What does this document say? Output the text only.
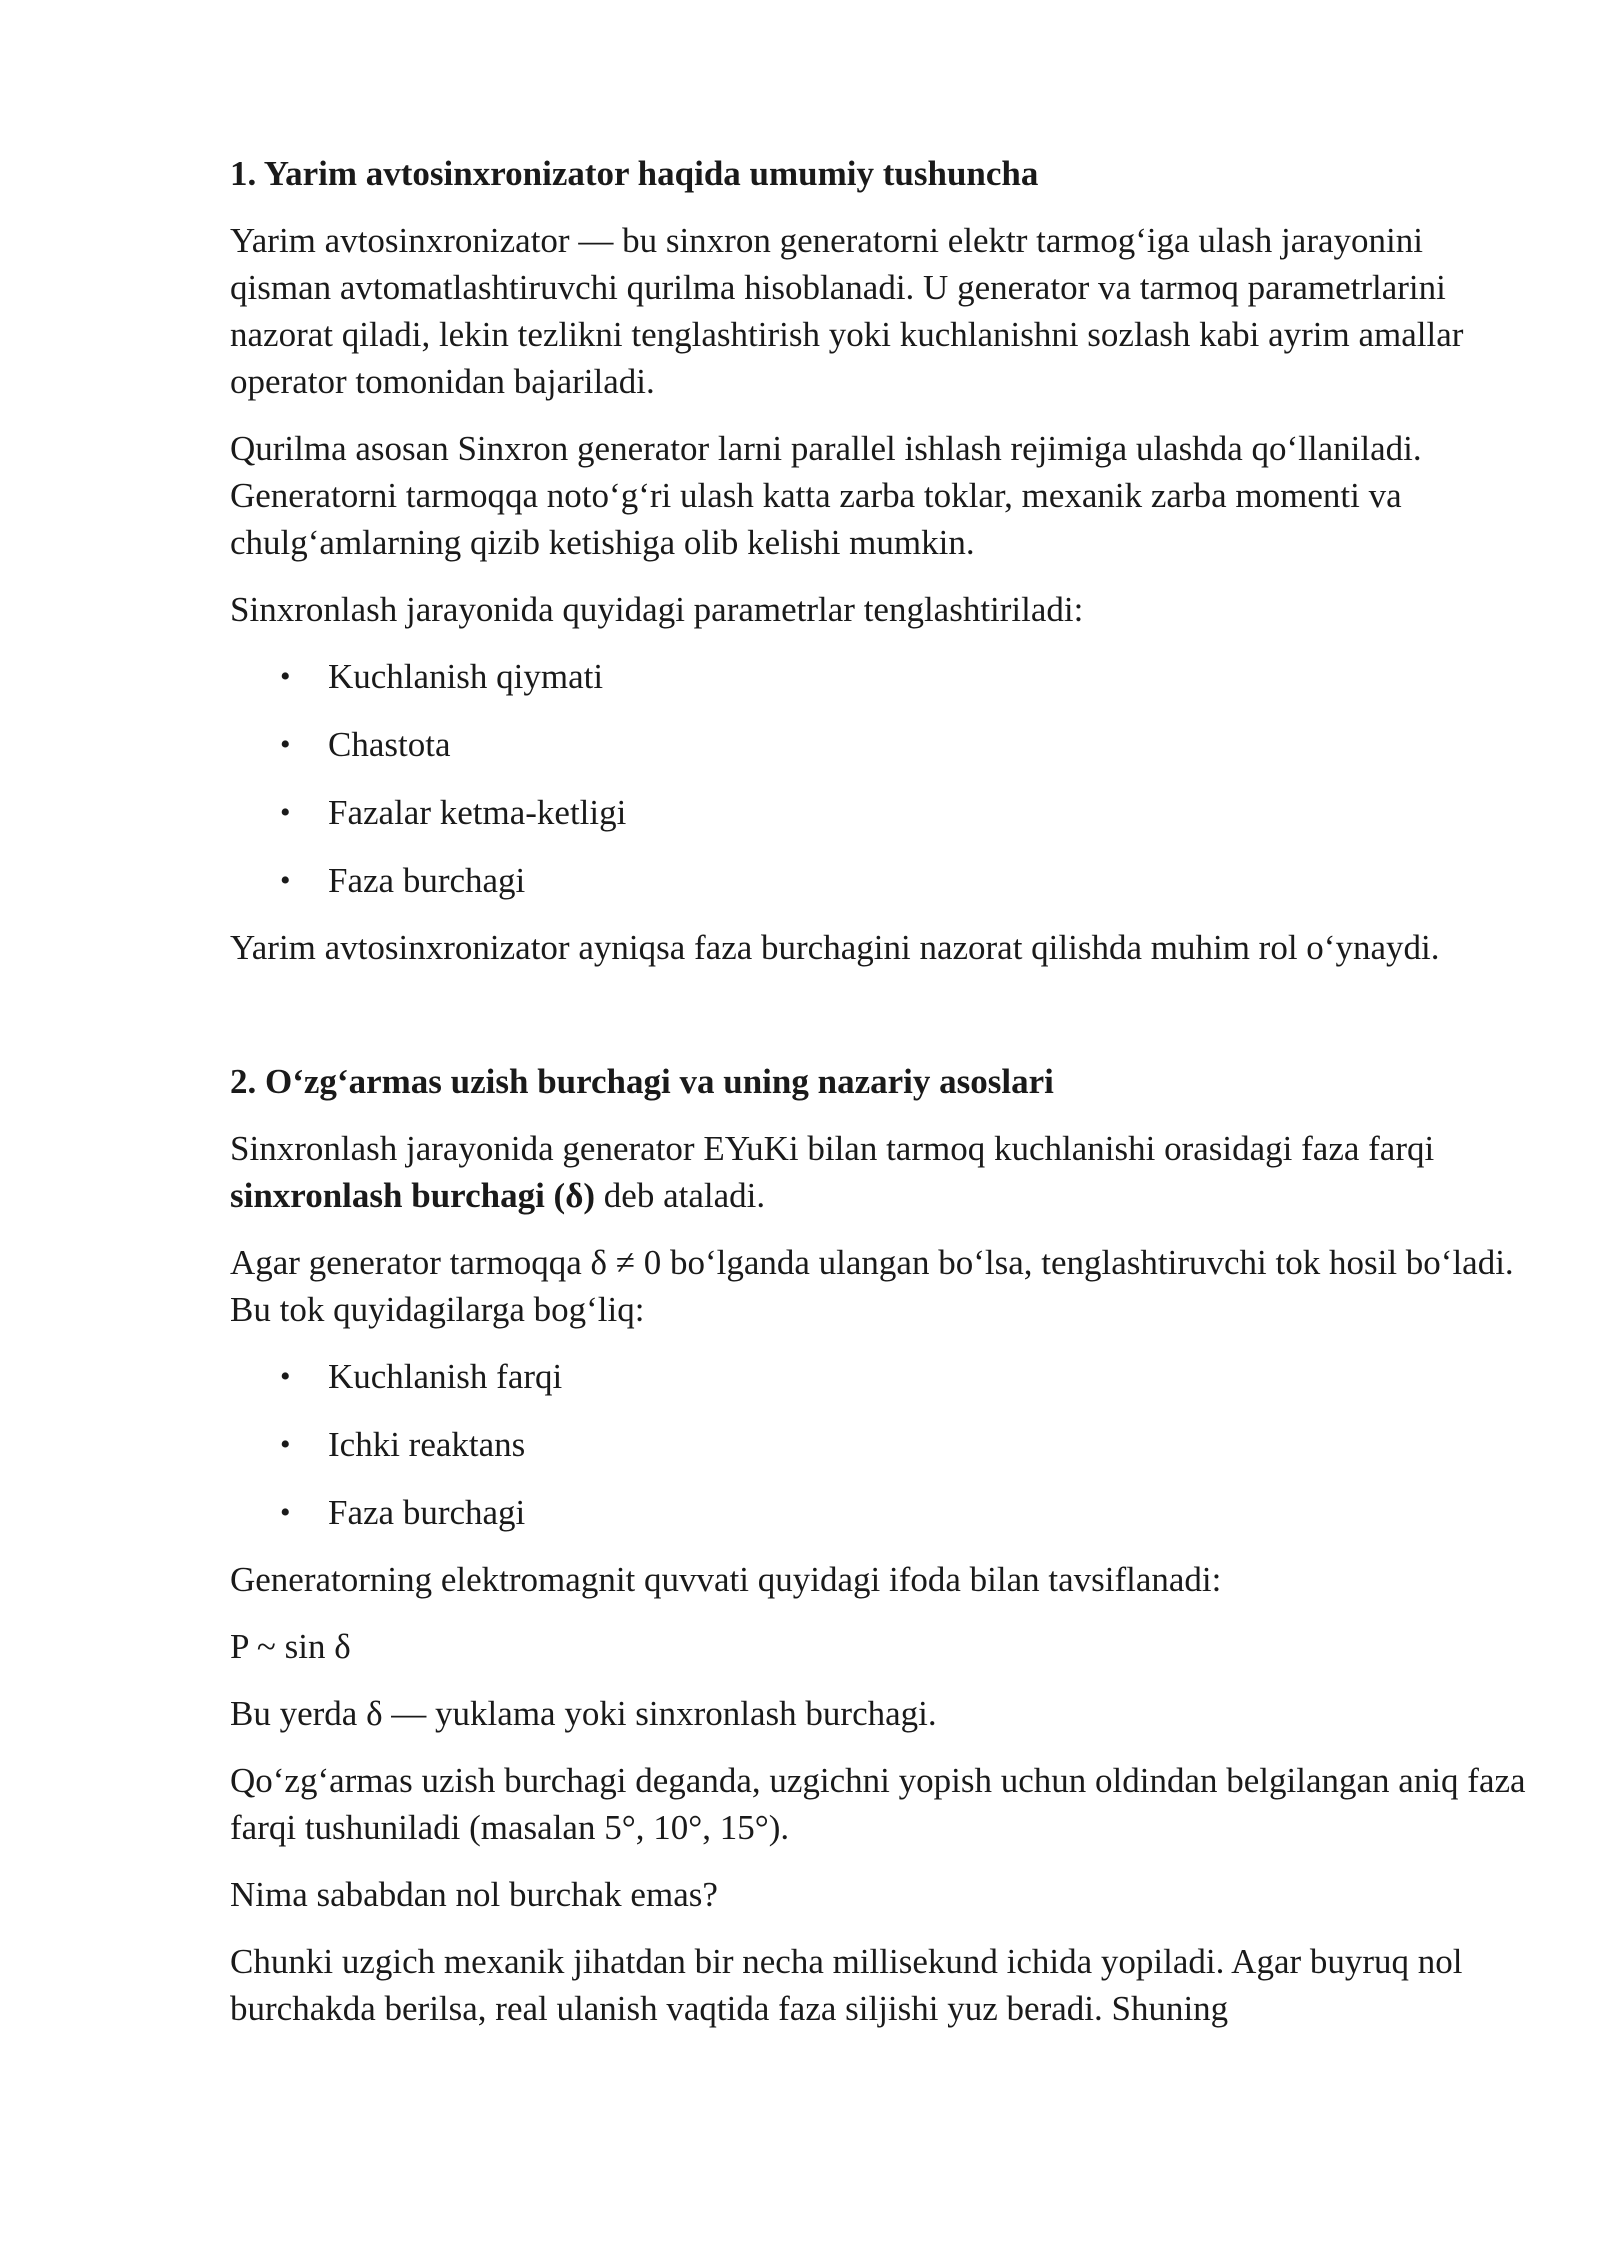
1. Yarim avtosinxronizator haqida umumiy tushuncha

Yarim avtosinxronizator — bu sinxron generatorni elektr tarmog‘iga ulash jarayonini qisman avtomatlashtiruvchi qurilma hisoblanadi. U generator va tarmoq parametrlarini nazorat qiladi, lekin tezlikni tenglashtirish yoki kuchlanishni sozlash kabi ayrim amallar operator tomonidan bajariladi.

Qurilma asosan Sinxron generator larni parallel ishlash rejimiga ulashda qo‘llaniladi. Generatorni tarmoqqa noto‘g‘ri ulash katta zarba toklar, mexanik zarba momenti va chulg‘amlarning qizib ketishiga olib kelishi mumkin.

Sinxronlash jarayonida quyidagi parametrlar tenglashtiriladi:

• Kuchlanish qiymati
• Chastota
• Fazalar ketma-ketligi
• Faza burchagi

Yarim avtosinxronizator ayniqsa faza burchagini nazorat qilishda muhim rol o‘ynaydi.

2. O‘zg‘armas uzish burchagi va uning nazariy asoslari

Sinxronlash jarayonida generator EYuKi bilan tarmoq kuchlanishi orasidagi faza farqi sinxronlash burchagi (δ) deb ataladi.

Agar generator tarmoqqa δ ≠ 0 bo‘lganda ulangan bo‘lsa, tenglashtiruvchi tok hosil bo‘ladi. Bu tok quyidagilarga bog‘liq:

• Kuchlanish farqi
• Ichki reaktans
• Faza burchagi

Generatorning elektromagnit quvvati quyidagi ifoda bilan tavsiflanadi:

P ~ sin δ

Bu yerda δ — yuklama yoki sinxronlash burchagi.

Qo‘zg‘armas uzish burchagi deganda, uzgichni yopish uchun oldindan belgilangan aniq faza farqi tushuniladi (masalan 5°, 10°, 15°).

Nima sababdan nol burchak emas?

Chunki uzgich mexanik jihatdan bir necha millisekund ichida yopiladi. Agar buyruq nol burchakda berilsa, real ulanish vaqtida faza siljishi yuz beradi. Shuning
